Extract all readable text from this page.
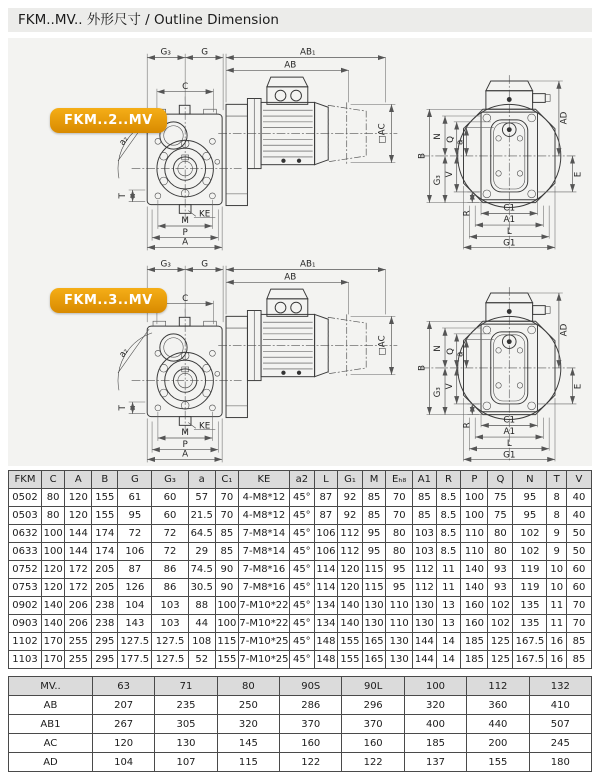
FKM..MV.. 外形尺寸 / Outline Dimension
FKM..2..MV
FKM..3..MV
FKM	C	A	B	G	G₃	a	C₁	KE	a2	L	G₁	M	Eₕ₈	A1	R	P	Q	N	T	V
0502	80	120	155	61	60	57	70	4-M8*12	45°	87	92	85	70	85	8.5	100	75	95	8	40
0503	80	120	155	95	60	21.5	70	4-M8*12	45°	87	92	85	70	85	8.5	100	75	95	8	40
0632	100	144	174	72	72	64.5	85	7-M8*14	45°	106	112	95	80	103	8.5	110	80	102	9	50
0633	100	144	174	106	72	29	85	7-M8*14	45°	106	112	95	80	103	8.5	110	80	102	9	50
0752	120	172	205	87	86	74.5	90	7-M8*16	45°	114	120	115	95	112	11	140	93	119	10	60
0753	120	172	205	126	86	30.5	90	7-M8*16	45°	114	120	115	95	112	11	140	93	119	10	60
0902	140	206	238	104	103	88	100	7-M10*22	45°	134	140	130	110	130	13	160	102	135	11	70
0903	140	206	238	143	103	44	100	7-M10*22	45°	134	140	130	110	130	13	160	102	135	11	70
1102	170	255	295	127.5	127.5	108	115	7-M10*25	45°	148	155	165	130	144	14	185	125	167.5	16	85
1103	170	255	295	177.5	127.5	52	155	7-M10*25	45°	148	155	165	130	144	14	185	125	167.5	16	85
MV..	63	71	80	90S	90L	100	112	132
AB	207	235	250	286	296	320	360	410
AB1	267	305	320	370	370	400	440	507
AC	120	130	145	160	160	185	200	245
AD	104	107	115	122	122	137	155	180
